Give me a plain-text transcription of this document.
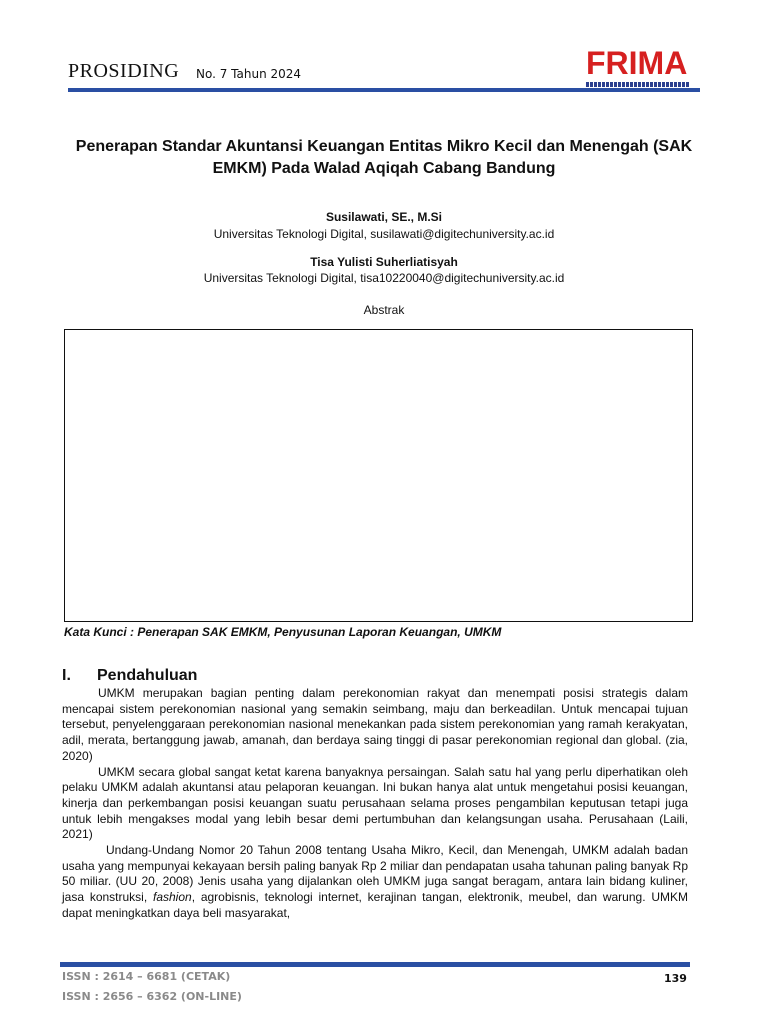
PROSIDING No. 7 Tahun 2024	FRIMA
Penerapan Standar Akuntansi Keuangan Entitas Mikro Kecil dan Menengah (SAK EMKM) Pada Walad Aqiqah Cabang Bandung
Susilawati, SE., M.Si
Universitas Teknologi Digital, susilawati@digitechuniversity.ac.id
Tisa Yulisti Suherliatisyah
Universitas Teknologi Digital, tisa10220040@digitechuniversity.ac.id
Abstrak
Kata Kunci : Penerapan SAK EMKM, Penyusunan Laporan Keuangan, UMKM
I. Pendahuluan

UMKM merupakan bagian penting dalam perekonomian rakyat dan menempati posisi strategis dalam mencapai sistem perekonomian nasional yang semakin seimbang, maju dan berkeadilan. Untuk mencapai tujuan tersebut, penyelenggaraan perekonomian nasional menekankan pada sistem perekonomian yang ramah kerakyatan, adil, merata, bertanggung jawab, amanah, dan berdaya saing tinggi di pasar perekonomian regional dan global. (zia, 2020)

UMKM secara global sangat ketat karena banyaknya persaingan. Salah satu hal yang perlu diperhatikan oleh pelaku UMKM adalah akuntansi atau pelaporan keuangan. Ini bukan hanya alat untuk mengetahui posisi keuangan, kinerja dan perkembangan posisi keuangan suatu perusahaan selama proses pengambilan keputusan tetapi juga untuk lebih mengakses modal yang lebih besar demi pertumbuhan dan kelangsungan usaha. Perusahaan (Laili, 2021)

Undang-Undang Nomor 20 Tahun 2008 tentang Usaha Mikro, Kecil, dan Menengah, UMKM adalah badan usaha yang mempunyai kekayaan bersih paling banyak Rp 2 miliar dan pendapatan usaha tahunan paling banyak Rp 50 miliar. (UU 20, 2008) Jenis usaha yang dijalankan oleh UMKM juga sangat beragam, antara lain bidang kuliner, jasa konstruksi, fashion, agrobisnis, teknologi internet, kerajinan tangan, elektronik, meubel, dan warung. UMKM dapat meningkatkan daya beli masyarakat,

ISSN : 2614 – 6681 (CETAK)
ISSN : 2656 – 6362 (ON-LINE)
139
